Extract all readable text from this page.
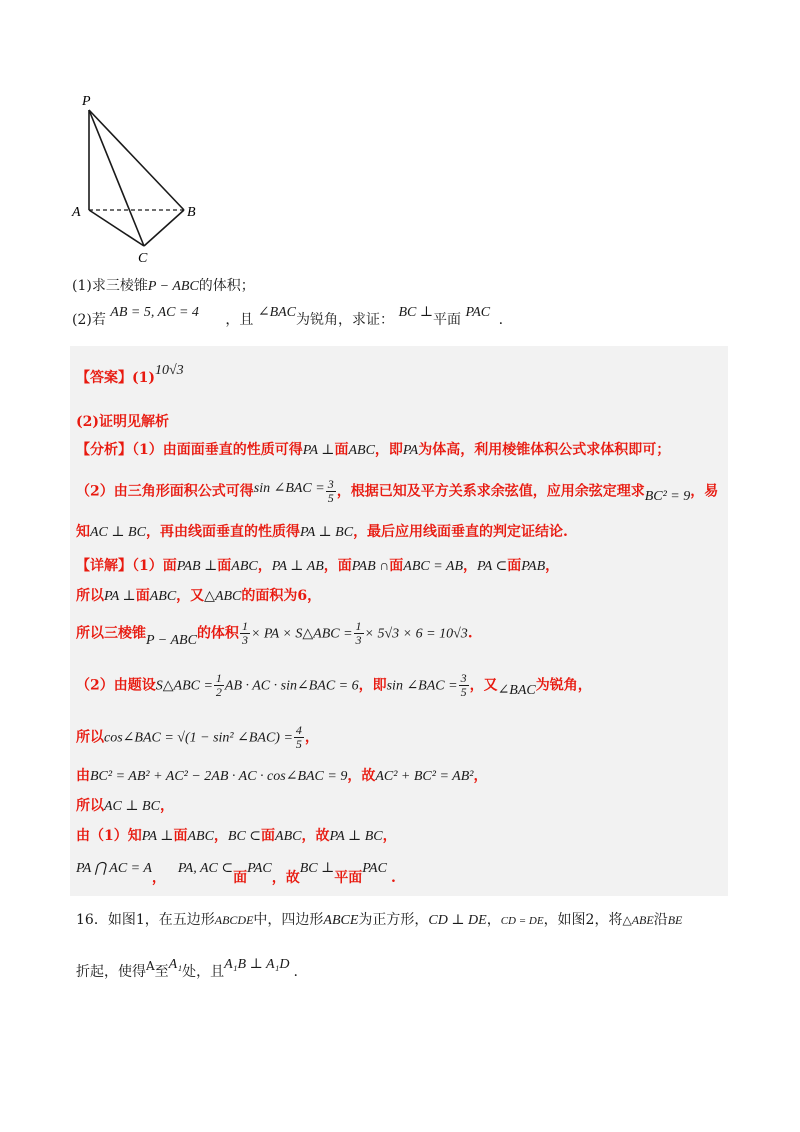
P
A	B
C
(1)求三棱锥P − ABC的体积；
(2)若 AB = 5, AC = 4 ，且 ∠BAC为锐角，求证： BC ⊥平面 PAC .
【答案】(1)10√3
(2)证明见解析
【分析】（1）由面面垂直的性质可得PA ⊥面ABC，即PA为体高，利用棱锥体积公式求体积即可；
（2）由三角形面积公式可得sin ∠BAC = $\frac{3}{5}$ ，根据已知及平方关系求余弦值，应用余弦定理求BC² = 9，易
知AC ⊥ BC，再由线面垂直的性质得PA ⊥ BC，最后应用线面垂直的判定证结论.
【详解】（1）面PAB ⊥面ABC，PA ⊥ AB，面PAB ∩面ABC = AB，PA ⊂面PAB，
所以PA ⊥面ABC，又△ABC的面积为6，
所以三棱锥P − ABC的体积 $\frac{1}{3}$ × PA × S△ABC = $\frac{1}{3} \times 5√3 \times 6 = 10√3$.
（2）由题设S△ABC = $\frac{1}{2}$ AB · AC · sin∠BAC = 6，即sin ∠BAC = $\frac{3}{5}$ ，又∠BAC为锐角，
所以cos∠BAC = √(1 − sin² ∠BAC) = $\frac{4}{5}$ ，
由BC² = AB² + AC² − 2AB · AC · cos∠BAC = 9，故AC² + BC² = AB²，
所以AC ⊥ BC，
由（1）知PA ⊥面ABC，BC ⊂面ABC，故PA ⊥ BC，
PA ⋂ AC = A，PA, AC ⊂面PAC，故BC ⊥平面PAC.
16．如图1，在五边形ABCDE中，四边形ABCE为正方形，CD ⊥ DE，CD = DE，如图2，将△ABE沿BE
折起，使得A至A₁处，且A₁B ⊥ A₁D .
